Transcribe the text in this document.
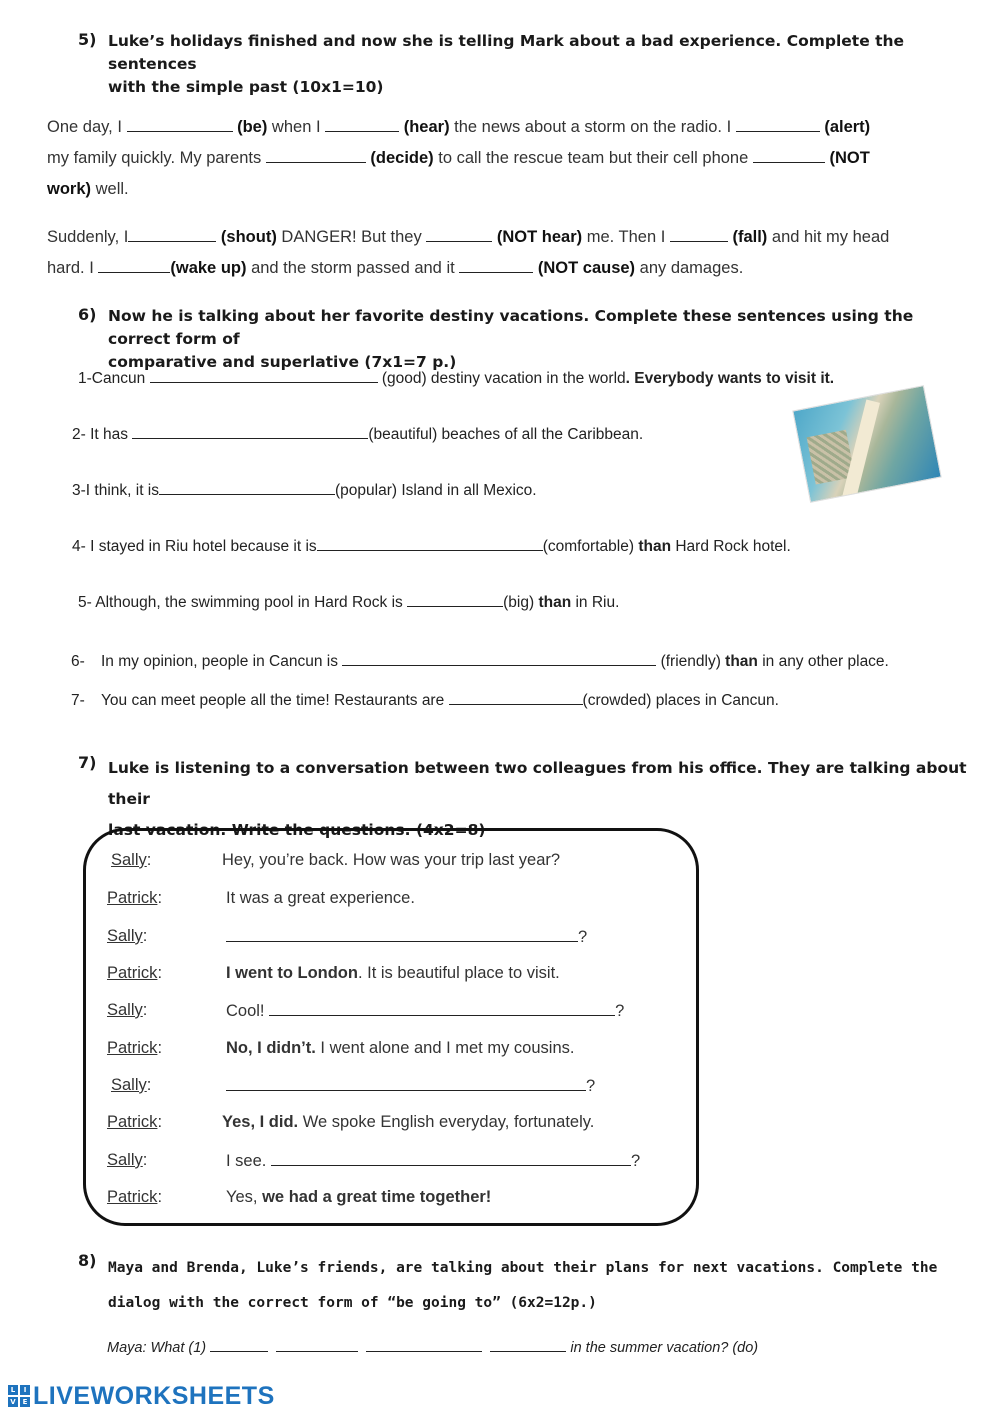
5) Luke’s holidays finished and now she is telling Mark about a bad experience. Complete the sentences
with the simple past (10x1=10)
One day, I	(be) when I	(hear) the news about a storm on the radio. I	(alert)
my family quickly. My parents	(decide) to call the rescue team but their cell phone	(NOT
work) well.
Suddenly, I	(shout) DANGER! But they	(NOT hear) me. Then I	(fall) and hit my head
hard. I	(wake up) and the storm passed and it	(NOT cause) any damages.
6) Now he is talking about her favorite destiny vacations. Complete these sentences using the correct form of
comparative and superlative (7x1=7 p.)
1-Cancun	(good) destiny vacation in the world. Everybody wants to visit it.
2- It has	(beautiful) beaches of all the Caribbean.
3-I think, it is	(popular) Island in all Mexico.
4- I stayed in Riu hotel because it is	(comfortable) than Hard Rock hotel.
5- Although, the swimming pool in Hard Rock is	(big) than in Riu.
6- In my opinion, people in Cancun is	(friendly) than in any other place.
7- You can meet people all the time! Restaurants are	(crowded) places in Cancun.
7) Luke is listening to a conversation between two colleagues from his office. They are talking about their
last vacation. Write the questions. (4x2=8)
Sally:	Hey, you’re back. How was your trip last year?
Patrick:	It was a great experience.
Sally:	?
Patrick:	I went to London. It is beautiful place to visit.
Sally:	Cool!	?
Patrick:	No, I didn’t. I went alone and I met my cousins.
Sally:	?
Patrick:	Yes, I did. We spoke English everyday, fortunately.
Sally:	I see.	?
Patrick:	Yes, we had a great time together!
8) Maya and Brenda, Luke’s friends, are talking about their plans for next vacations. Complete the
dialog with the correct form of “be going to” (6x2=12p.)
Maya: What (1)	in the summer vacation? (do)
L	I
V E LIVEWORKSHEETS
